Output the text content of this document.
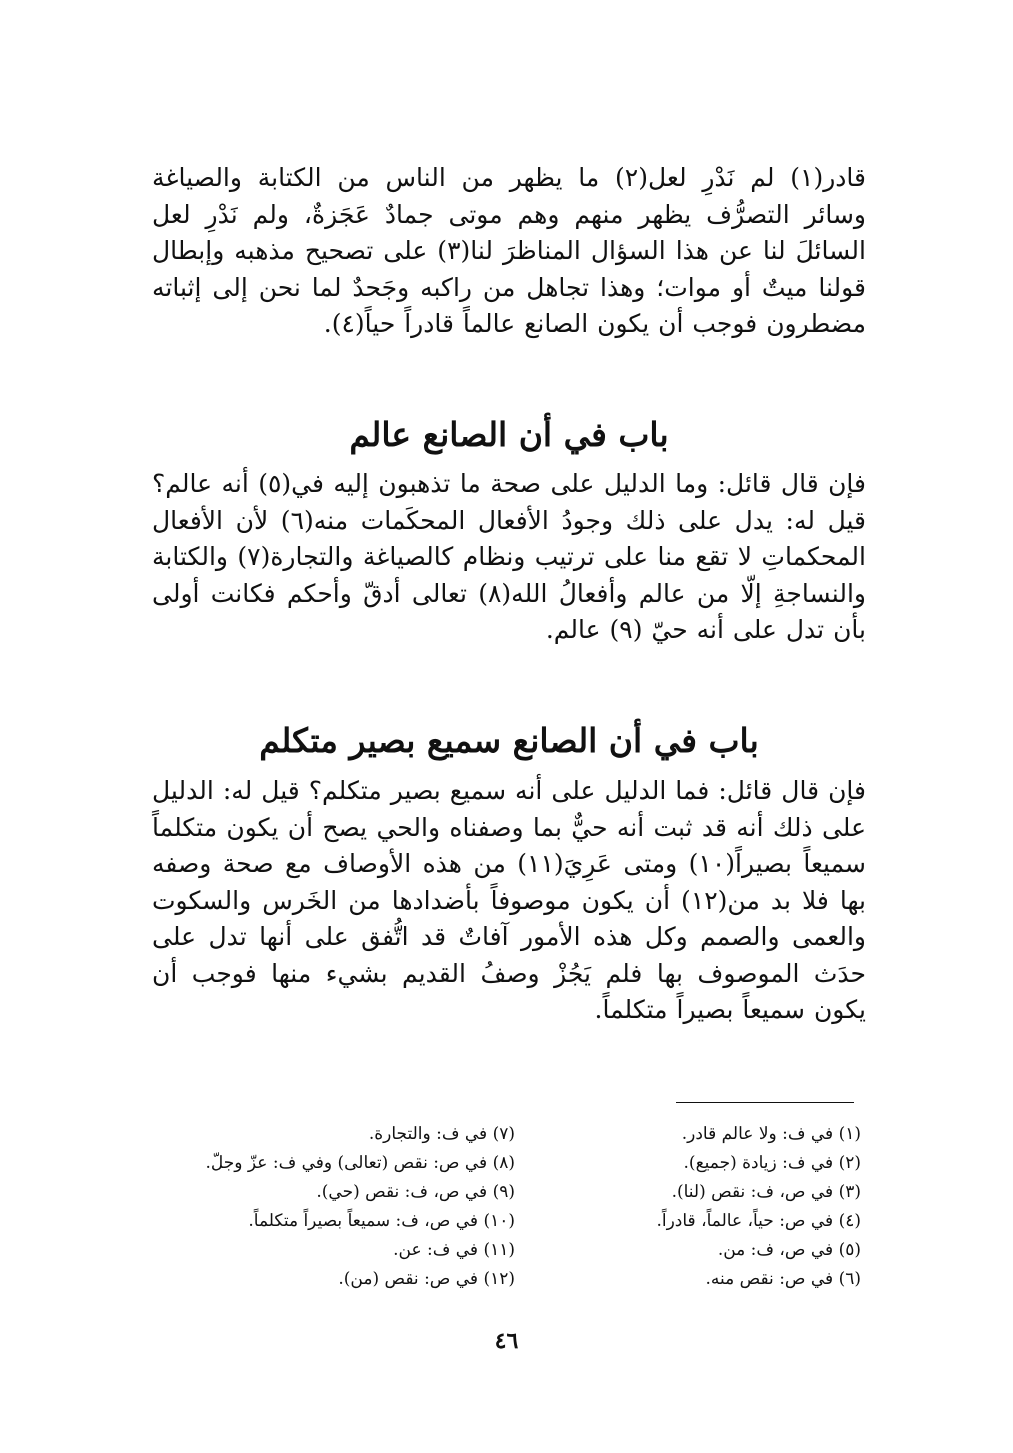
قادر(١) لم نَدْرِ لعل(٢) ما يظهر من الناس من الكتابة والصياغة وسائر التصرُّف يظهر منهم وهم موتى جمادٌ عَجَزةٌ، ولم نَدْرِ لعل السائلَ لنا عن هذا السؤال المناظرَ لنا(٣) على تصحيح مذهبه وإبطال قولنا ميتٌ أو موات؛ وهذا تجاهل من راكبه وجَحدٌ لما نحن إلى إثباته مضطرون فوجب أن يكون الصانع عالماً قادراً حياً(٤).

باب في أن الصانع عالم

فإن قال قائل: وما الدليل على صحة ما تذهبون إليه في(٥) أنه عالم؟ قيل له: يدل على ذلك وجودُ الأفعال المحكَمات منه(٦) لأن الأفعال المحكماتِ لا تقع منا على ترتيب ونظام كالصياغة والتجارة(٧) والكتابة والنساجةِ إلّا من عالم وأفعالُ الله(٨) تعالى أدقّ وأحكم فكانت أولى بأن تدل على أنه حيّ (٩) عالم.

باب في أن الصانع سميع بصير متكلم

فإن قال قائل: فما الدليل على أنه سميع بصير متكلم؟ قيل له: الدليل على ذلك أنه قد ثبت أنه حيٌّ بما وصفناه والحي يصح أن يكون متكلماً سميعاً بصيراً(١٠) ومتى عَرِيَ(١١) من هذه الأوصاف مع صحة وصفه بها فلا بد من(١٢) أن يكون موصوفاً بأضدادها من الخَرس والسكوت والعمى والصمم وكل هذه الأمور آفاتٌ قد اتُّفق على أنها تدل على حدَث الموصوف بها فلم يَجُزْ وصفُ القديم بشيء منها فوجب أن يكون سميعاً بصيراً متكلماً.

(١) في ف: ولا عالم قادر.
(٢) في ف: زيادة (جميع).
(٣) في ص، ف: نقص (لنا).
(٤) في ص: حياً، عالماً، قادراً.
(٥) في ص، ف: من.
(٦) في ص: نقص منه.
(٧) في ف: والتجارة.
(٨) في ص: نقص (تعالى) وفي ف: عزّ وجلّ.
(٩) في ص، ف: نقص (حي).
(١٠) في ص، ف: سميعاً بصيراً متكلماً.
(١١) في ف: عن.
(١٢) في ص: نقص (من).
٤٦
